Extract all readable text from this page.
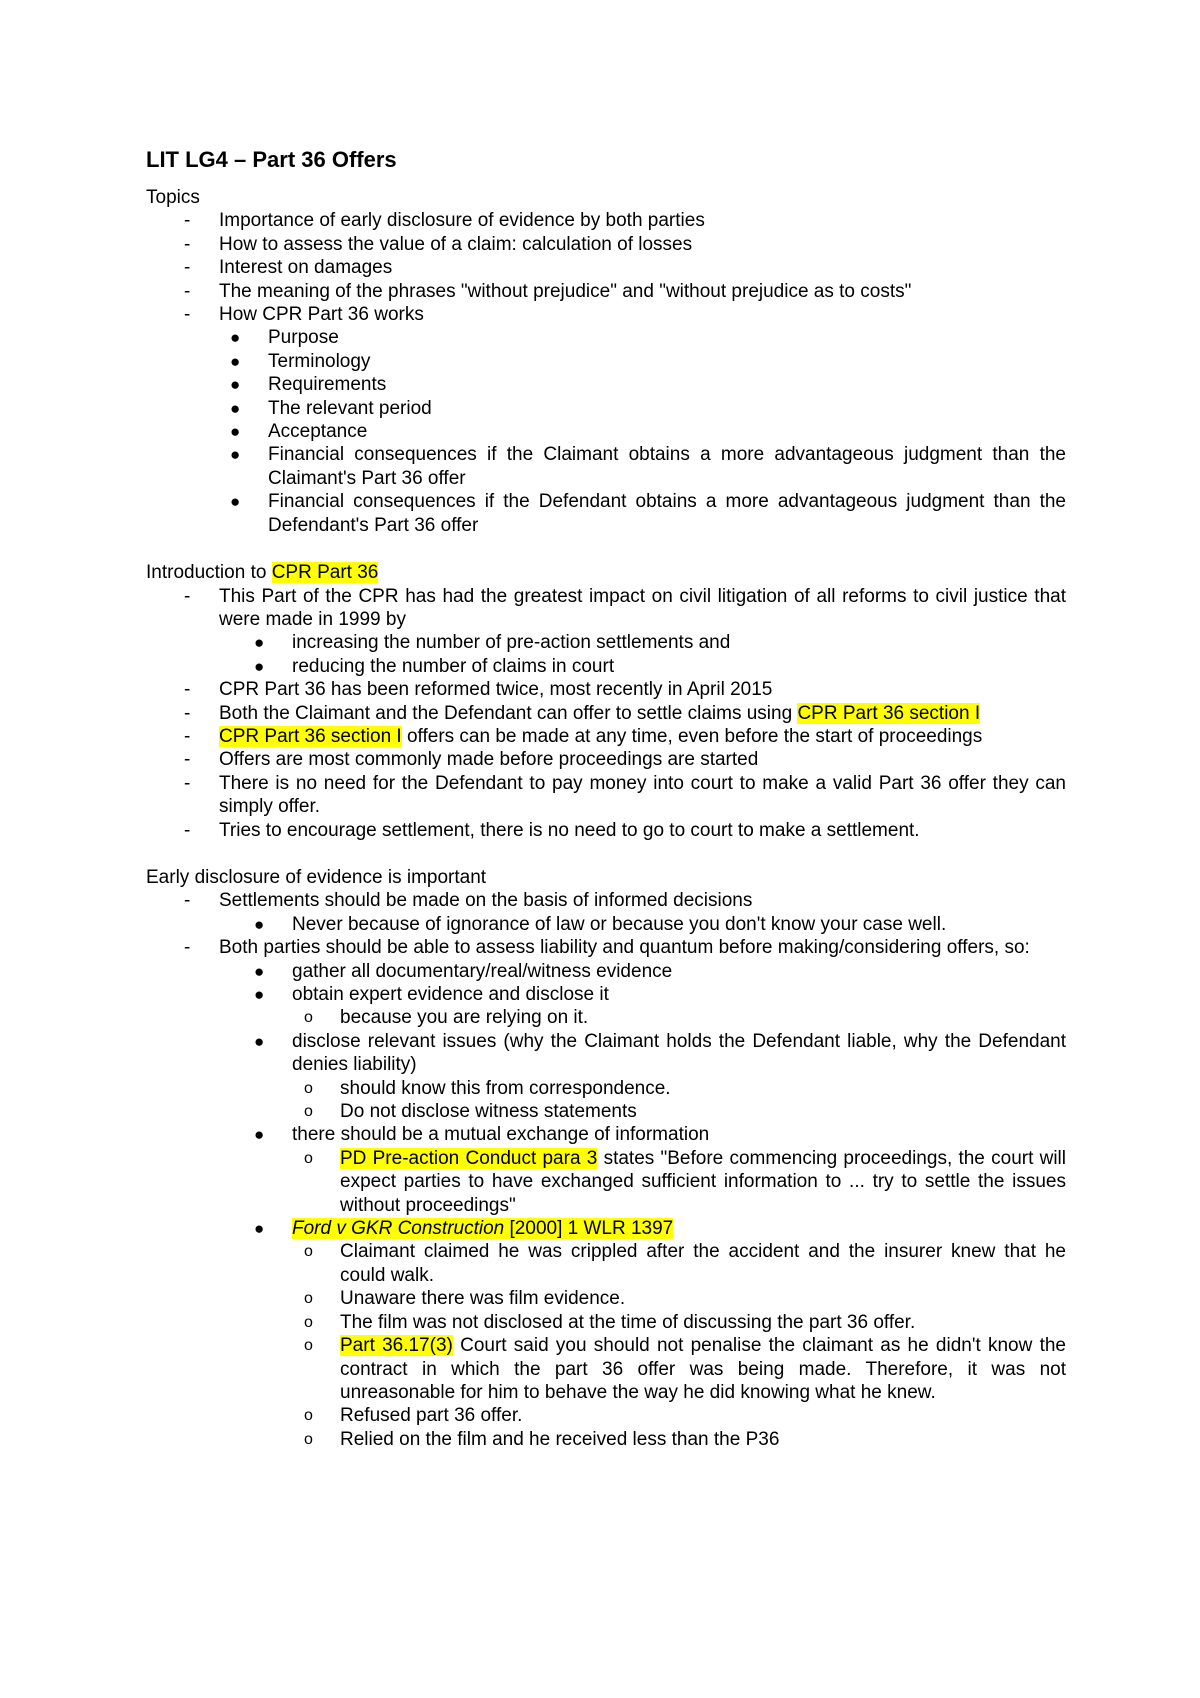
LIT LG4 – Part 36 Offers
Topics
- Importance of early disclosure of evidence by both parties
- How to assess the value of a claim: calculation of losses
- Interest on damages
- The meaning of the phrases "without prejudice" and "without prejudice as to costs"
- How CPR Part 36 works
● Purpose
● Terminology
● Requirements
● The relevant period
● Acceptance
● Financial consequences if the Claimant obtains a more advantageous judgment than the Claimant's Part 36 offer
● Financial consequences if the Defendant obtains a more advantageous judgment than the Defendant's Part 36 offer
Introduction to CPR Part 36
- This Part of the CPR has had the greatest impact on civil litigation of all reforms to civil justice that were made in 1999 by
● increasing the number of pre-action settlements and
● reducing the number of claims in court
- CPR Part 36 has been reformed twice, most recently in April 2015
- Both the Claimant and the Defendant can offer to settle claims using CPR Part 36 section I
- CPR Part 36 section I offers can be made at any time, even before the start of proceedings
- Offers are most commonly made before proceedings are started
- There is no need for the Defendant to pay money into court to make a valid Part 36 offer they can simply offer.
- Tries to encourage settlement, there is no need to go to court to make a settlement.
Early disclosure of evidence is important
- Settlements should be made on the basis of informed decisions
● Never because of ignorance of law or because you don't know your case well.
- Both parties should be able to assess liability and quantum before making/considering offers, so:
● gather all documentary/real/witness evidence
● obtain expert evidence and disclose it
o because you are relying on it.
● disclose relevant issues (why the Claimant holds the Defendant liable, why the Defendant denies liability)
o should know this from correspondence.
o Do not disclose witness statements
● there should be a mutual exchange of information
o PD Pre-action Conduct para 3 states "Before commencing proceedings, the court will expect parties to have exchanged sufficient information to ... try to settle the issues without proceedings"
● Ford v GKR Construction [2000] 1 WLR 1397
o Claimant claimed he was crippled after the accident and the insurer knew that he could walk.
o Unaware there was film evidence.
o The film was not disclosed at the time of discussing the part 36 offer.
o Part 36.17(3) Court said you should not penalise the claimant as he didn't know the contract in which the part 36 offer was being made. Therefore, it was not unreasonable for him to behave the way he did knowing what he knew.
o Refused part 36 offer.
o Relied on the film and he received less than the P36
